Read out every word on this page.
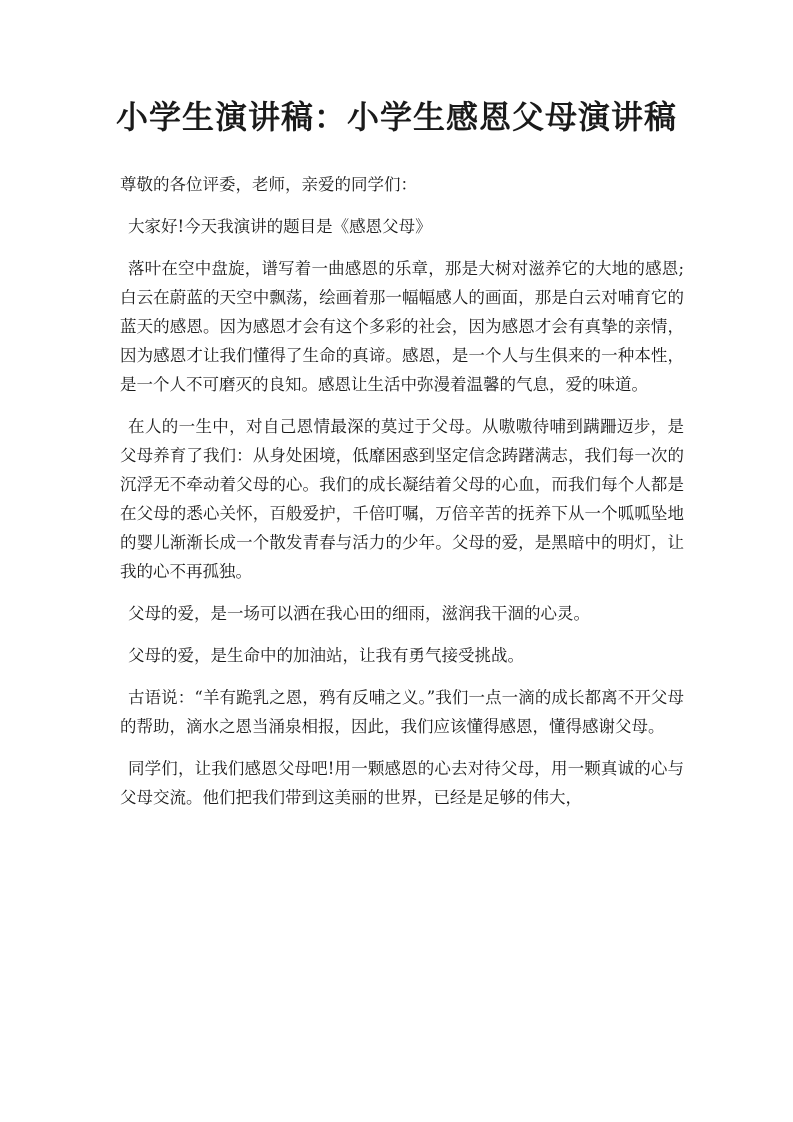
小学生演讲稿：小学生感恩父母演讲稿

尊敬的各位评委，老师，亲爱的同学们：

大家好!今天我演讲的题目是《感恩父母》

落叶在空中盘旋，谱写着一曲感恩的乐章，那是大树对滋养它的大地的感恩;白云在蔚蓝的天空中飘荡，绘画着那一幅幅感人的画面，那是白云对哺育它的蓝天的感恩。因为感恩才会有这个多彩的社会，因为感恩才会有真挚的亲情，因为感恩才让我们懂得了生命的真谛。感恩，是一个人与生俱来的一种本性，是一个人不可磨灭的良知。感恩让生活中弥漫着温馨的气息，爱的味道。

在人的一生中，对自己恩情最深的莫过于父母。从嗷嗷待哺到蹒跚迈步，是父母养育了我们：从身处困境，低靡困惑到坚定信念踌躇满志，我们每一次的沉浮无不牵动着父母的心。我们的成长凝结着父母的心血，而我们每个人都是在父母的悉心关怀，百般爱护，千倍叮嘱，万倍辛苦的抚养下从一个呱呱坠地的婴儿渐渐长成一个散发青春与活力的少年。父母的爱，是黑暗中的明灯，让我的心不再孤独。

父母的爱，是一场可以洒在我心田的细雨，滋润我干涸的心灵。

父母的爱，是生命中的加油站，让我有勇气接受挑战。

古语说：“羊有跪乳之恩，鸦有反哺之义。”我们一点一滴的成长都离不开父母的帮助，滴水之恩当涌泉相报，因此，我们应该懂得感恩，懂得感谢父母。

同学们，让我们感恩父母吧!用一颗感恩的心去对待父母，用一颗真诚的心与父母交流。他们把我们带到这美丽的世界，已经是足够的伟大，
